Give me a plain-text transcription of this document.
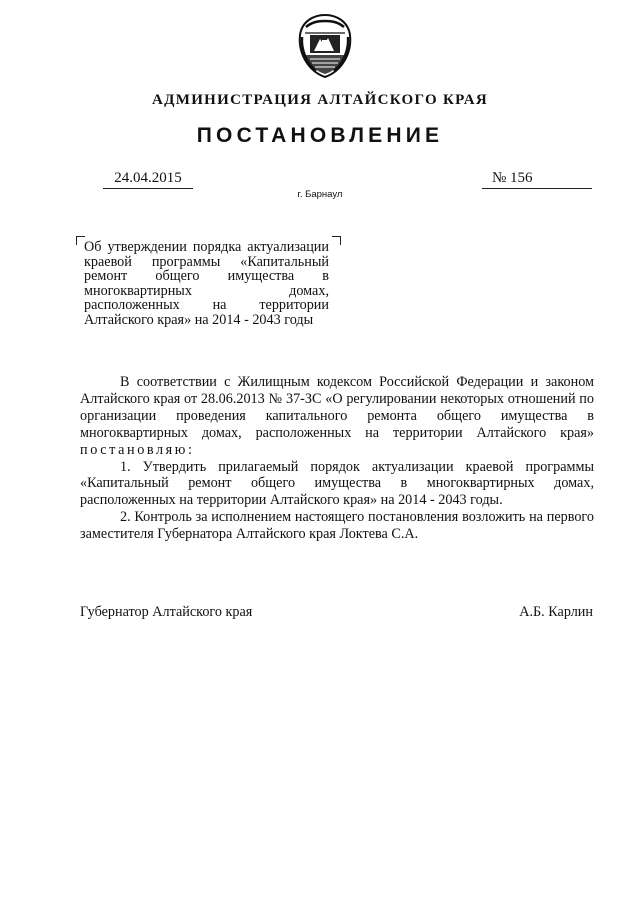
АДМИНИСТРАЦИЯ АЛТАЙСКОГО КРАЯ
ПОСТАНОВЛЕНИЕ
24.04.2015	№ 156
г. Барнаул
Об утверждении порядка актуализации краевой программы «Капитальный ремонт общего имущества в многоквартирных домах, расположенных на территории Алтайского края» на 2014 - 2043 годы

В соответствии с Жилищным кодексом Российской Федерации и законом Алтайского края от 28.06.2013 № 37-ЗС «О регулировании некоторых отношений по организации проведения капитального ремонта общего имущества в многоквартирных домах, расположенных на территории Алтайского края» постановляю:

1. Утвердить прилагаемый порядок актуализации краевой программы «Капитальный ремонт общего имущества в многоквартирных домах, расположенных на территории Алтайского края» на 2014 - 2043 годы.

2. Контроль за исполнением настоящего постановления возложить на первого заместителя Губернатора Алтайского края Локтева С.А.

Губернатор Алтайского края	А.Б. Карлин
